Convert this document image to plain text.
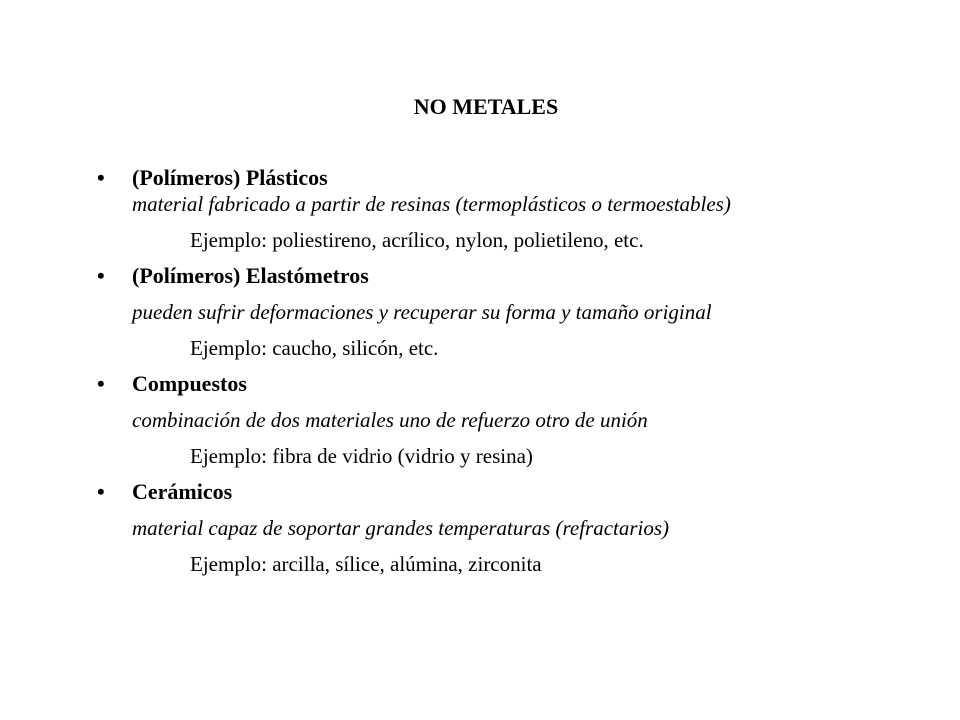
NO METALES
• (Polímeros) Plásticos
material fabricado a partir de resinas (termoplásticos o termoestables)
Ejemplo: poliestireno, acrílico, nylon, polietileno, etc.
• (Polímeros) Elastómetros
pueden sufrir deformaciones y recuperar su forma y tamaño original
Ejemplo: caucho, silicón, etc.
• Compuestos
combinación de dos materiales uno de refuerzo otro de unión
Ejemplo: fibra de vidrio (vidrio y resina)
• Cerámicos
material capaz de soportar grandes temperaturas (refractarios)
Ejemplo: arcilla, sílice, alúmina, zirconita
